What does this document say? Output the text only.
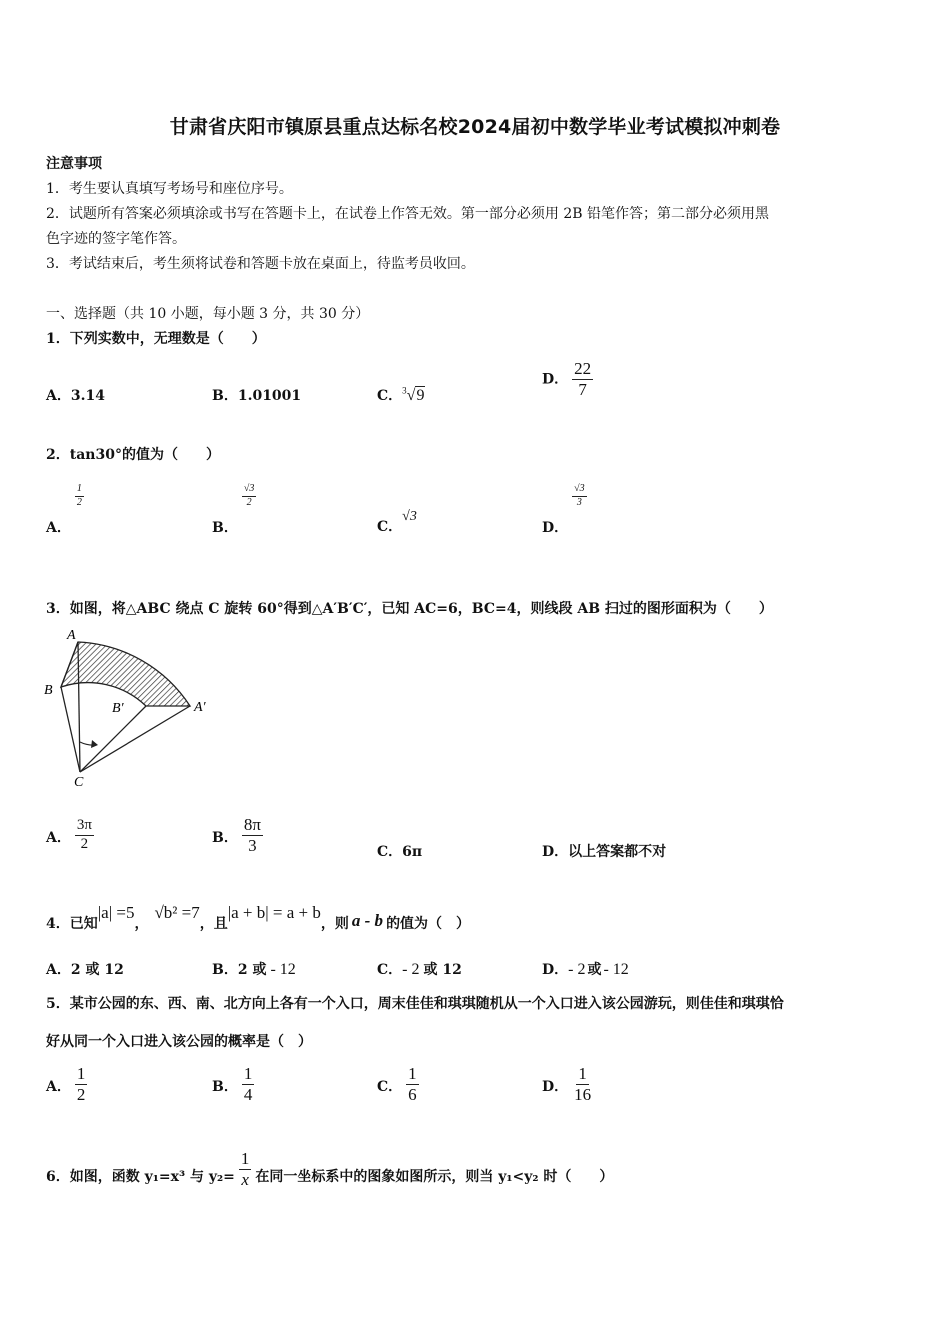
甘肃省庆阳市镇原县重点达标名校2024届初中数学毕业考试模拟冲刺卷
注意事项
1．考生要认真填写考场号和座位序号。
2．试题所有答案必须填涂或书写在答题卡上，在试卷上作答无效。第一部分必须用 2B 铅笔作答；第二部分必须用黑
色字迹的签字笔作答。
3．考试结束后，考生须将试卷和答题卡放在桌面上，待监考员收回。
一、选择题（共 10 小题，每小题 3 分，共 30 分）
1．下列实数中，无理数是（　　）
A．3.14	B．1.01001	C．$^3$√9
D． $\frac{22}{7}$
2．tan30°的值为（　　）
A．
$\frac{1}{2}$
B．
$\frac{√3}{2}$
C．√3
D．
$\frac{√3}{3}$
3．如图，将△ABC 绕点 C 旋转 60°得到△A′B′C′，已知 AC=6，BC=4，则线段 AB 扫过的图形面积为（　　）
A
B
B′	A′
C
A． $\frac{3\pi}{2}$	B． $\frac{8\pi}{3}$	C．6π	D．以上答案都不对
4．已知|a| =5，√b² =7，且|a + b| = a + b，则 a - b 的值为（　）
A．2 或 12	B．2 或 - 12	C．- 2 或 12	D．- 2 或 - 12
5．某市公园的东、西、南、北方向上各有一个入口，周末佳佳和琪琪随机从一个入口进入该公园游玩，则佳佳和琪琪恰
好从同一个入口进入该公园的概率是（　）
A． $\frac{1}{2}$	B． $\frac{1}{4}$	C． $\frac{1}{6}$	D． $\frac{1}{16}$
6．如图，函数 y₁=x³ 与 $y_2= \frac{1}{x}$ 在同一坐标系中的图象如图所示，则当 y₁<y₂ 时（　　）
